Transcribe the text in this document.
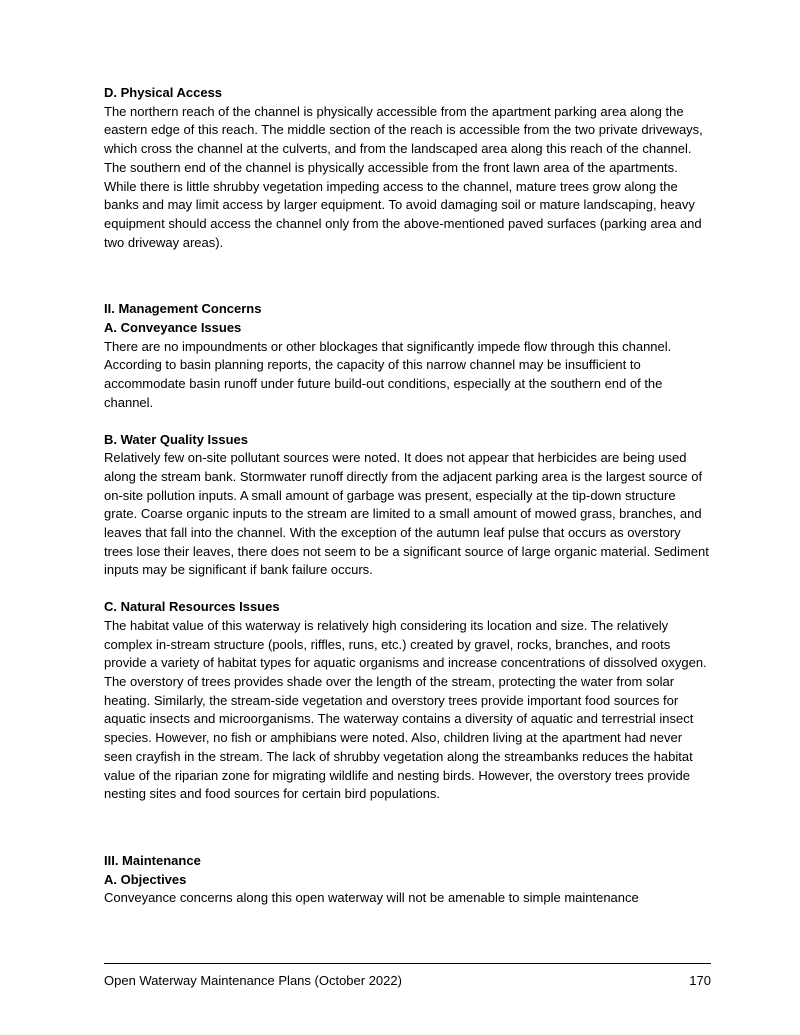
D. Physical Access
The northern reach of the channel is physically accessible from the apartment parking area along the eastern edge of this reach. The middle section of the reach is accessible from the two private driveways, which cross the channel at the culverts, and from the landscaped area along this reach of the channel. The southern end of the channel is physically accessible from the front lawn area of the apartments. While there is little shrubby vegetation impeding access to the channel, mature trees grow along the banks and may limit access by larger equipment. To avoid damaging soil or mature landscaping, heavy equipment should access the channel only from the above-mentioned paved surfaces (parking area and two driveway areas).
II. Management Concerns
A. Conveyance Issues
There are no impoundments or other blockages that significantly impede flow through this channel. According to basin planning reports, the capacity of this narrow channel may be insufficient to accommodate basin runoff under future build-out conditions, especially at the southern end of the channel.
B. Water Quality Issues
Relatively few on-site pollutant sources were noted. It does not appear that herbicides are being used along the stream bank. Stormwater runoff directly from the adjacent parking area is the largest source of on-site pollution inputs. A small amount of garbage was present, especially at the tip-down structure grate. Coarse organic inputs to the stream are limited to a small amount of mowed grass, branches, and leaves that fall into the channel. With the exception of the autumn leaf pulse that occurs as overstory trees lose their leaves, there does not seem to be a significant source of large organic material. Sediment inputs may be significant if bank failure occurs.
C. Natural Resources Issues
The habitat value of this waterway is relatively high considering its location and size. The relatively complex in-stream structure (pools, riffles, runs, etc.) created by gravel, rocks, branches, and roots provide a variety of habitat types for aquatic organisms and increase concentrations of dissolved oxygen. The overstory of trees provides shade over the length of the stream, protecting the water from solar heating. Similarly, the stream-side vegetation and overstory trees provide important food sources for aquatic insects and microorganisms. The waterway contains a diversity of aquatic and terrestrial insect species. However, no fish or amphibians were noted. Also, children living at the apartment had never seen crayfish in the stream. The lack of shrubby vegetation along the streambanks reduces the habitat value of the riparian zone for migrating wildlife and nesting birds. However, the overstory trees provide nesting sites and food sources for certain bird populations.
III. Maintenance
A. Objectives
Conveyance concerns along this open waterway will not be amenable to simple maintenance
Open Waterway Maintenance Plans (October 2022)	170
